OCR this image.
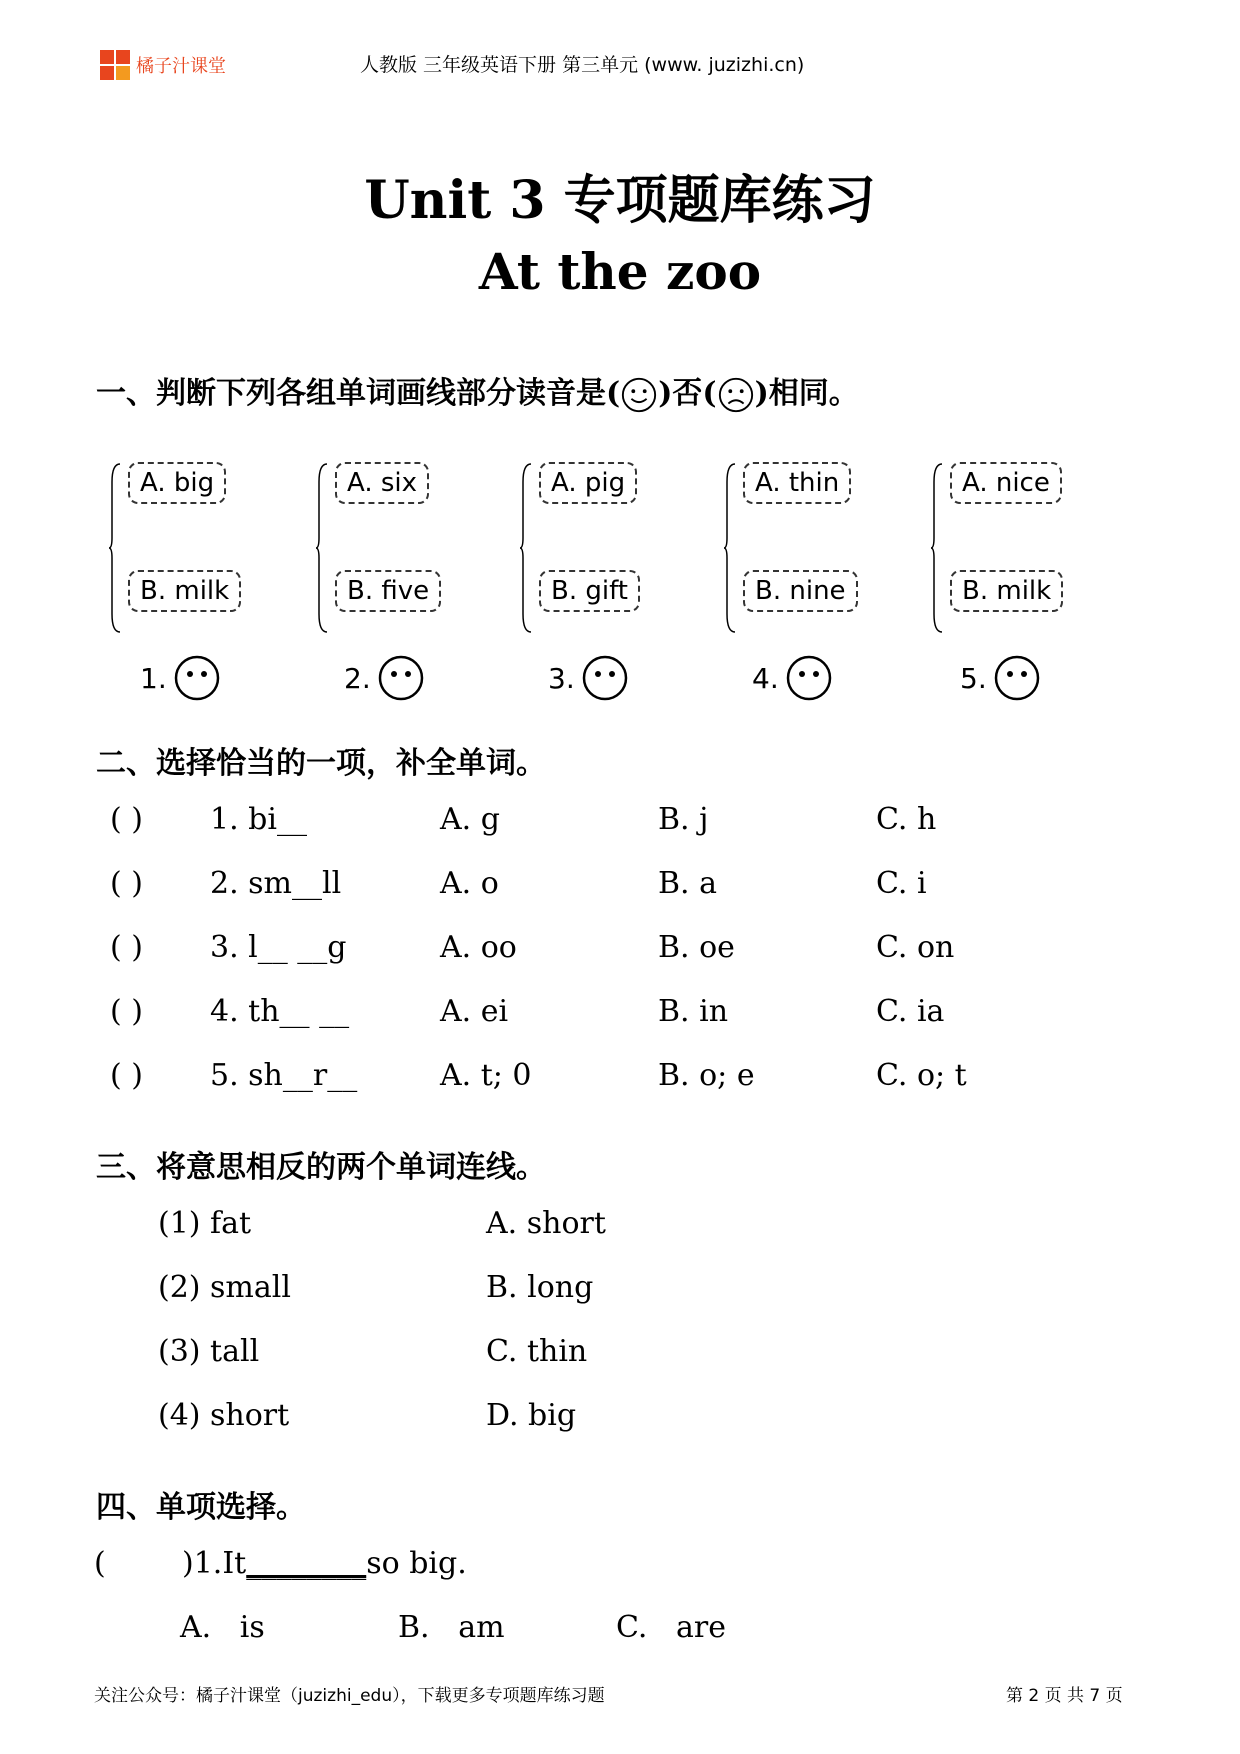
橘子汁课堂	人教版 三年级英语下册 第三单元 (www. juzizhi.cn)
Unit 3 专项题库练习
At the zoo
一、判断下列各组单词画线部分读音是( )否( )相同。
A. big
B. milk
A. six
B. five
A. pig
B. gift
A. thin
B. nine
A. nice
B. milk
1.	2.	3.	4.	5.
二、选择恰当的一项，补全单词。
( ) 1. bi__	A. g	B. j	C. h
( ) 2. sm__ll	A. o	B. a	C. i
( ) 3. l__ __g	A. oo	B. oe	C. on
( ) 4. th__ __	A. ei	B. in	C. ia
( ) 5. sh__r__	A. t; 0	B. o; e	C. o; t
三、将意思相反的两个单词连线。
(1) fat	A. short
(2) small	B. long
(3) tall	C. thin
(4) short	D. big
四、单项选择。
(        )1.It________so big.
A.   is	B.   am	C.   are
关注公众号：橘子汁课堂（juzizhi_edu），下载更多专项题库练习题	第 2 页 共 7 页
